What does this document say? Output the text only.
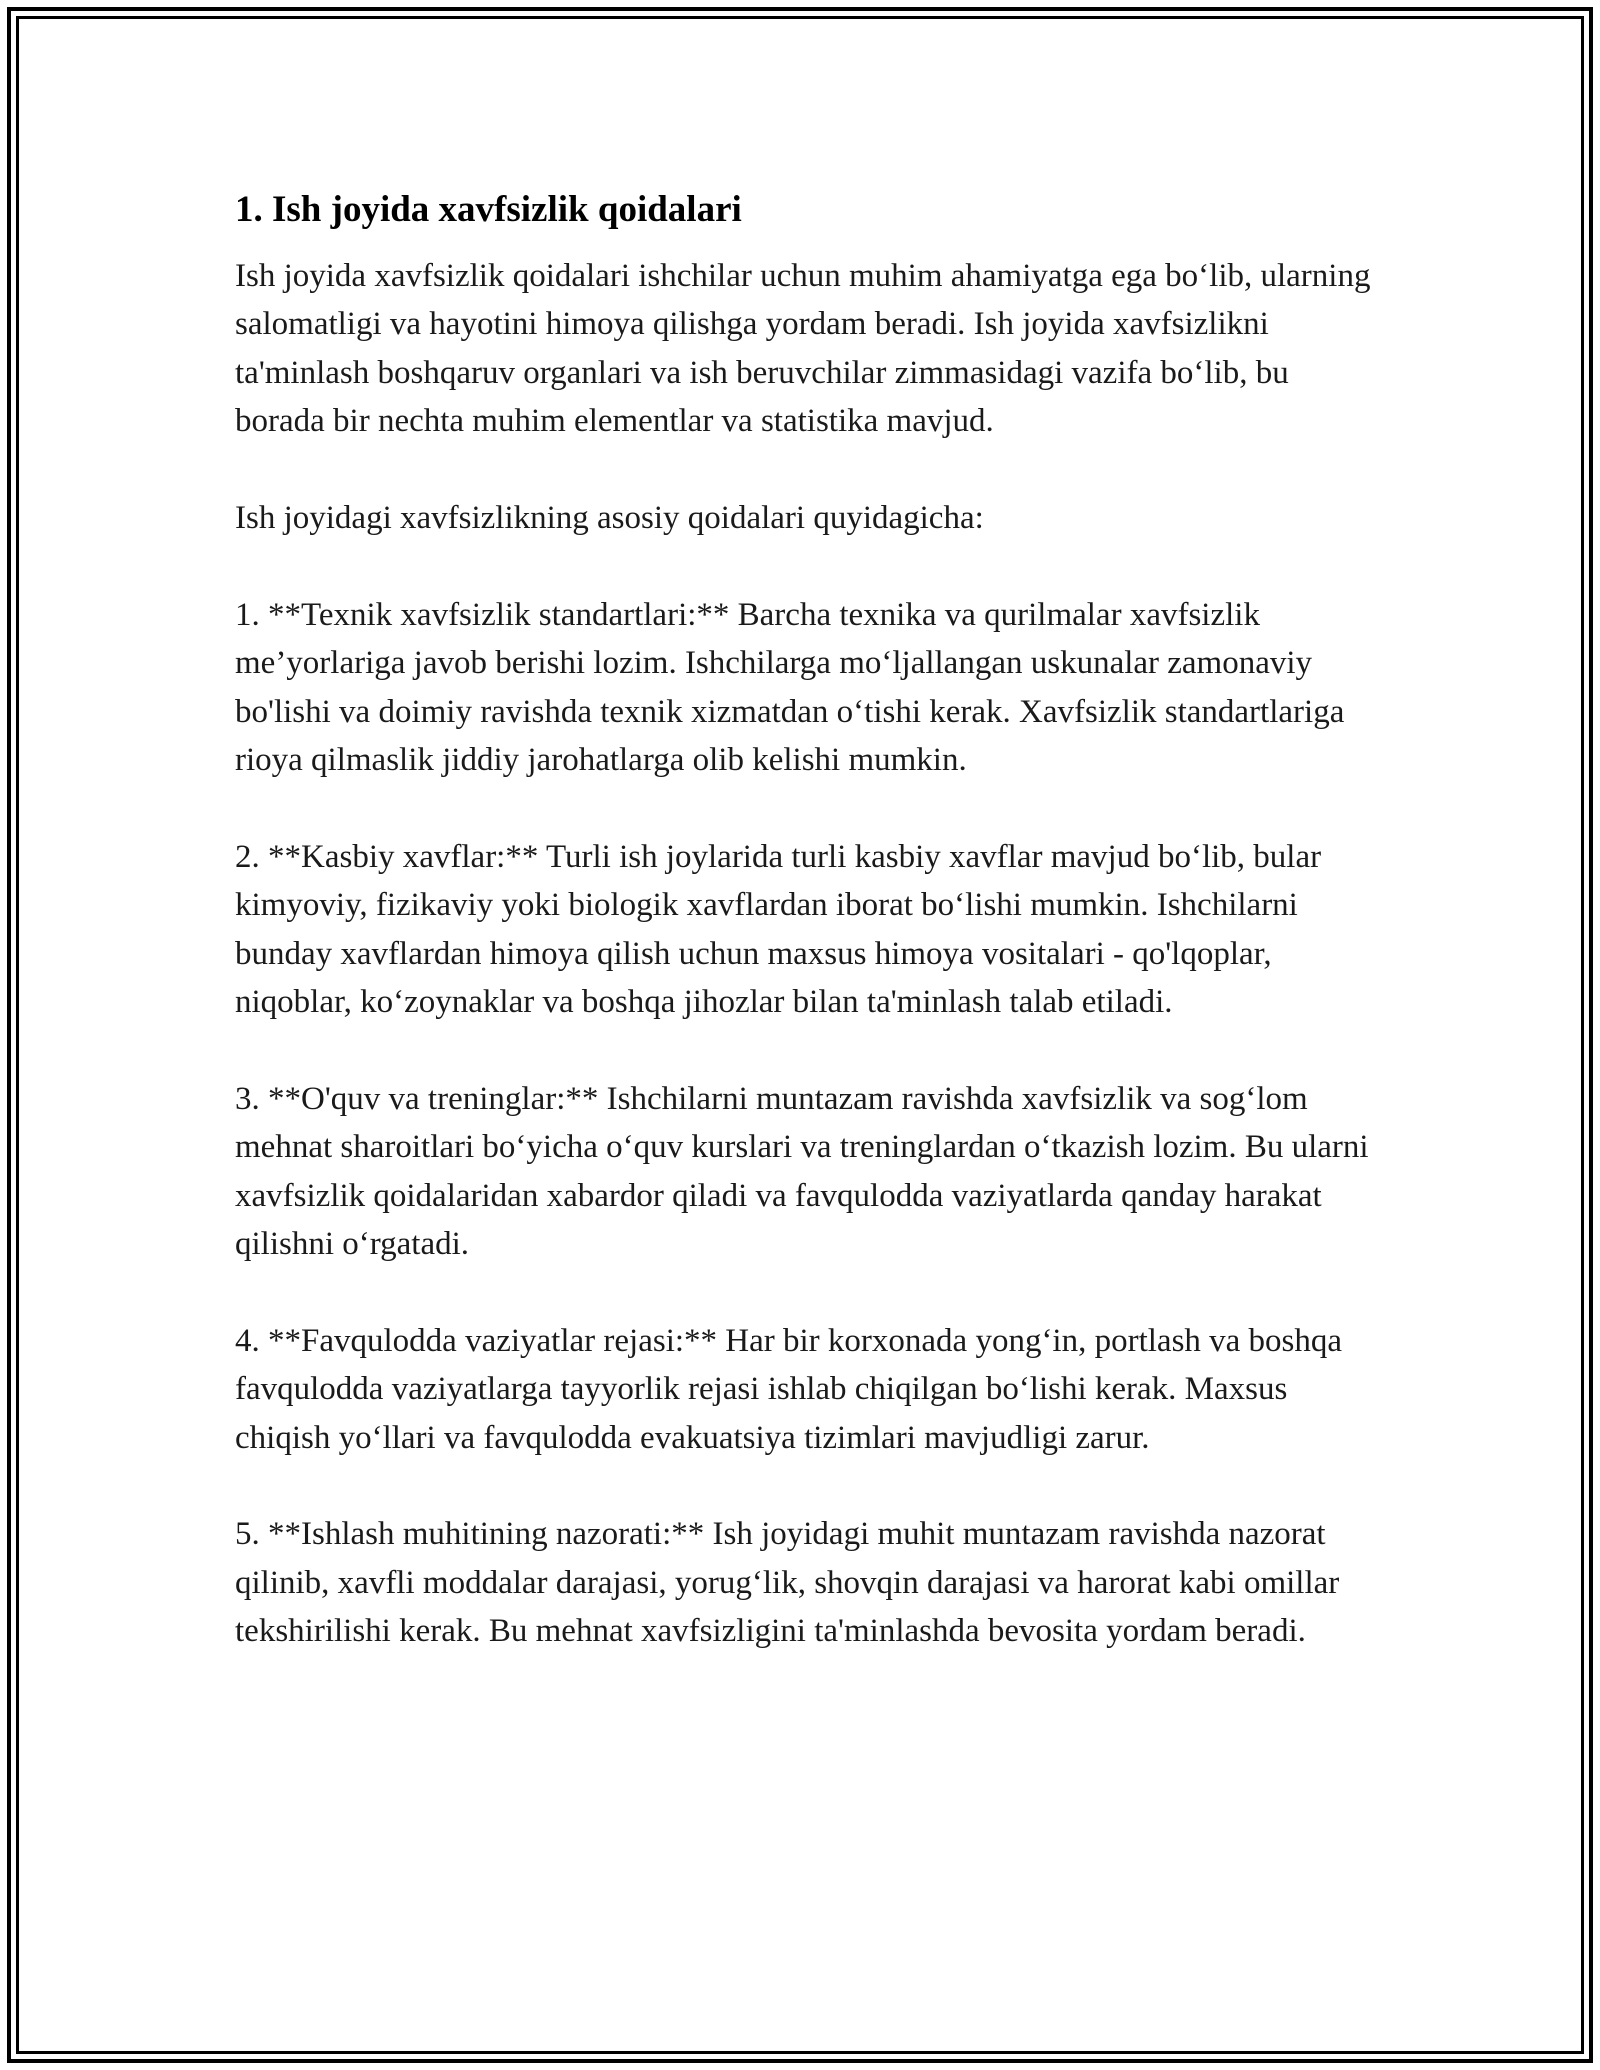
1. Ish joyida xavfsizlik qoidalari

Ish joyida xavfsizlik qoidalari ishchilar uchun muhim ahamiyatga ega bo‘lib, ularning salomatligi va hayotini himoya qilishga yordam beradi. Ish joyida xavfsizlikni ta'minlash boshqaruv organlari va ish beruvchilar zimmasidagi vazifa bo‘lib, bu borada bir nechta muhim elementlar va statistika mavjud.

Ish joyidagi xavfsizlikning asosiy qoidalari quyidagicha:

1. **Texnik xavfsizlik standartlari:** Barcha texnika va qurilmalar xavfsizlik me’yorlariga javob berishi lozim. Ishchilarga mo‘ljallangan uskunalar zamonaviy bo'lishi va doimiy ravishda texnik xizmatdan o‘tishi kerak. Xavfsizlik standartlariga rioya qilmaslik jiddiy jarohatlarga olib kelishi mumkin.

2. **Kasbiy xavflar:** Turli ish joylarida turli kasbiy xavflar mavjud bo‘lib, bular kimyoviy, fizikaviy yoki biologik xavflardan iborat bo‘lishi mumkin. Ishchilarni bunday xavflardan himoya qilish uchun maxsus himoya vositalari - qo'lqoplar, niqoblar, ko‘zoynaklar va boshqa jihozlar bilan ta'minlash talab etiladi.

3. **O'quv va treninglar:** Ishchilarni muntazam ravishda xavfsizlik va sog‘lom mehnat sharoitlari bo‘yicha o‘quv kurslari va treninglardan o‘tkazish lozim. Bu ularni xavfsizlik qoidalaridan xabardor qiladi va favqulodda vaziyatlarda qanday harakat qilishni o‘rgatadi.

4. **Favqulodda vaziyatlar rejasi:** Har bir korxonada yong‘in, portlash va boshqa favqulodda vaziyatlarga tayyorlik rejasi ishlab chiqilgan bo‘lishi kerak. Maxsus chiqish yo‘llari va favqulodda evakuatsiya tizimlari mavjudligi zarur.

5. **Ishlash muhitining nazorati:** Ish joyidagi muhit muntazam ravishda nazorat qilinib, xavfli moddalar darajasi, yorug‘lik, shovqin darajasi va harorat kabi omillar tekshirilishi kerak. Bu mehnat xavfsizligini ta'minlashda bevosita yordam beradi.
